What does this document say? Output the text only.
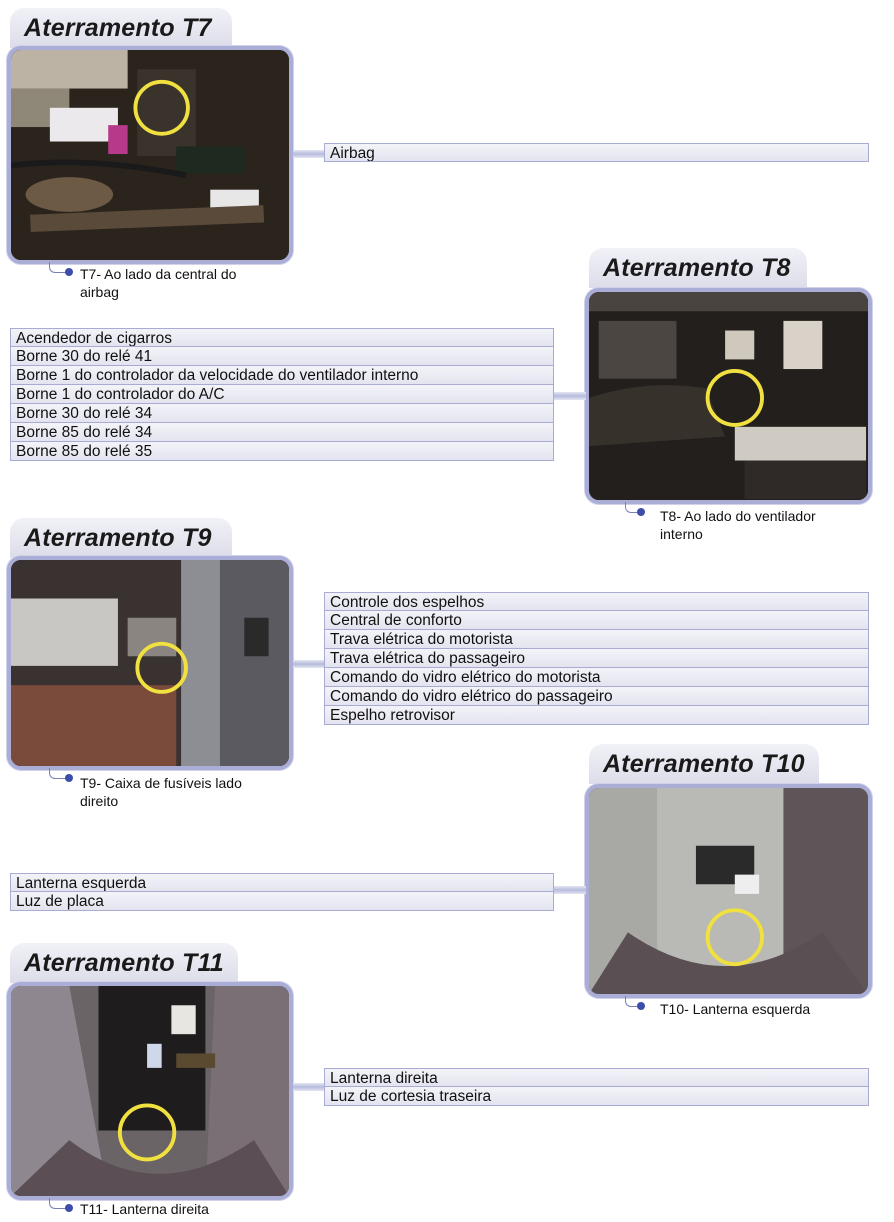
Aterramento T7
T7- Ao lado da central do
airbag
Airbag
Aterramento T8
T8- Ao lado do ventilador
interno
Acendedor de cigarros
Borne 30 do relé 41
Borne 1 do controlador da velocidade do ventilador interno
Borne 1 do controlador do A/C
Borne 30 do relé 34
Borne 85 do relé 34
Borne 85 do relé 35
Aterramento T9
T9- Caixa de fusíveis lado
direito
Controle dos espelhos
Central de conforto
Trava elétrica do motorista
Trava elétrica do passageiro
Comando do vidro elétrico do motorista
Comando do vidro elétrico do passageiro
Espelho retrovisor
Aterramento T10
T10- Lanterna esquerda
Lanterna esquerda
Luz de placa
Aterramento T11
T11- Lanterna direita
Lanterna direita
Luz de cortesia traseira
